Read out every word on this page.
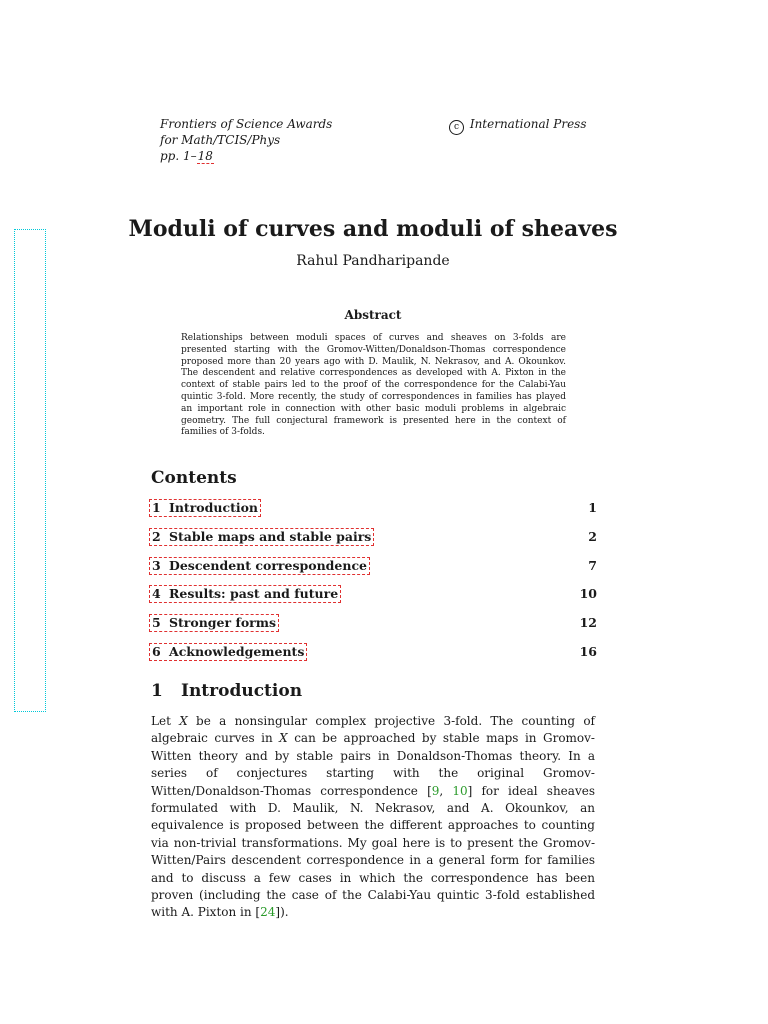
Frontiers of Science Awards
for Math/TCIS/Phys
pp. 1–18
c International Press
Moduli of curves and moduli of sheaves
Rahul Pandharipande
Abstract
Relationships between moduli spaces of curves and sheaves on 3-folds are presented starting with the Gromov-Witten/Donaldson-Thomas correspondence proposed more than 20 years ago with D. Maulik, N. Nekrasov, and A. Okounkov. The descendent and relative correspondences as developed with A. Pixton in the context of stable pairs led to the proof of the correspondence for the Calabi-Yau quintic 3-fold. More recently, the study of correspondences in families has played an important role in connection with other basic moduli problems in algebraic geometry. The full conjectural framework is presented here in the context of families of 3-folds.
Contents
1 Introduction	1
2 Stable maps and stable pairs	2
3 Descendent correspondence	7
4 Results: past and future	10
5 Stronger forms	12
6 Acknowledgements	16
1 Introduction
Let X be a nonsingular complex projective 3-fold. The counting of algebraic curves in X can be approached by stable maps in Gromov-Witten theory and by stable pairs in Donaldson-Thomas theory. In a series of conjectures starting with the original Gromov-Witten/Donaldson-Thomas correspondence [9, 10] for ideal sheaves formulated with D. Maulik, N. Nekrasov, and A. Okounkov, an equivalence is proposed between the different approaches to counting via non-trivial transformations. My goal here is to present the Gromov-Witten/Pairs descendent correspondence in a general form for families and to discuss a few cases in which the correspondence has been proven (including the case of the Calabi-Yau quintic 3-fold established with A. Pixton in [24]).
